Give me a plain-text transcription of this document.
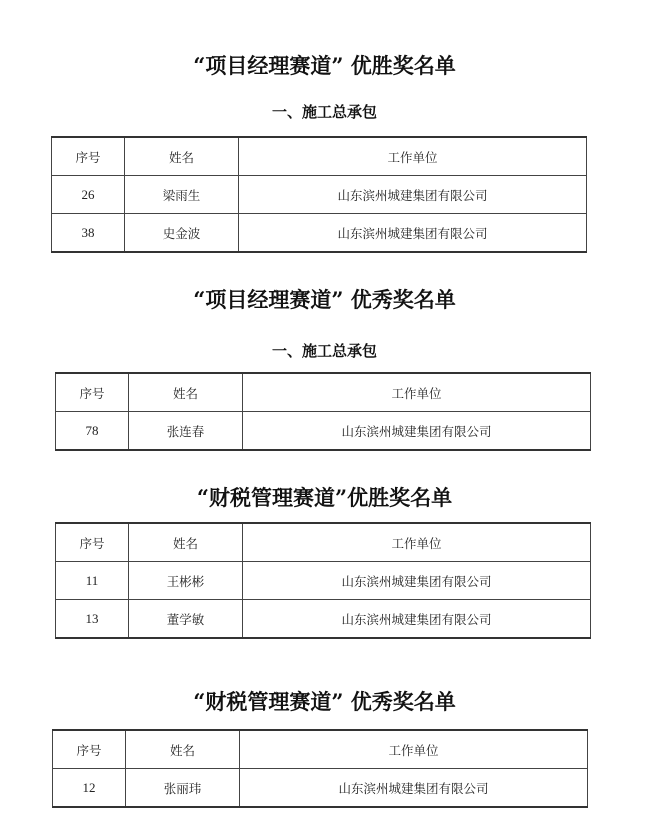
“项目经理赛道” 优胜奖名单
一、施工总承包
序号	姓名	工作单位
26	梁雨生	山东滨州城建集团有限公司
38	史金波	山东滨州城建集团有限公司
“项目经理赛道” 优秀奖名单
一、施工总承包
序号	姓名	工作单位
78	张连春	山东滨州城建集团有限公司
“财税管理赛道”优胜奖名单
序号	姓名	工作单位
11	王彬彬	山东滨州城建集团有限公司
13	董学敏	山东滨州城建集团有限公司
“财税管理赛道” 优秀奖名单
序号	姓名	工作单位
12	张丽玮	山东滨州城建集团有限公司
